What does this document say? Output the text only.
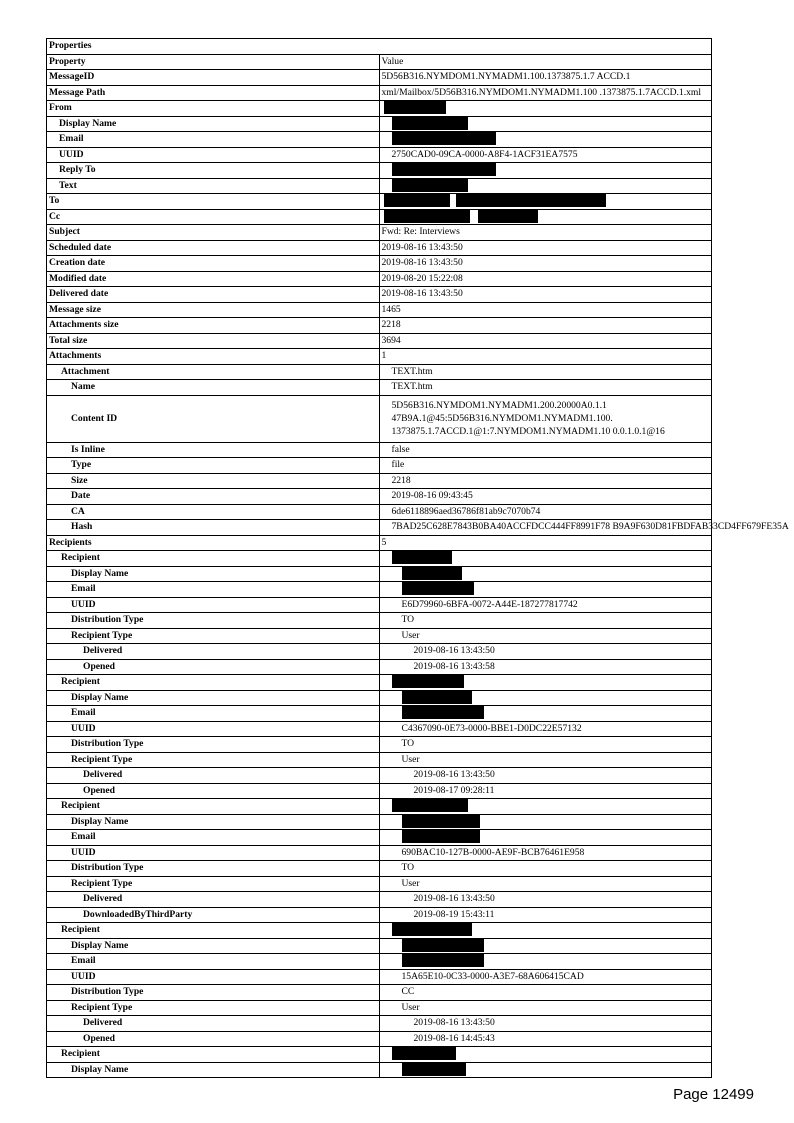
Properties	
Property	Value
MessageID	5D56B316.NYMDOM1.NYMADM1.100.1373875.1.7 ACCD.1
Message Path	xml/Mailbox/5D56B316.NYMDOM1.NYMADM1.100 .1373875.1.7ACCD.1.xml
From	
Display Name	
Email	
UUID	2750CAD0-09CA-0000-A8F4-1ACF31EA7575
Reply To	
Text	
To	
Cc	
Subject	Fwd: Re: Interviews
Scheduled date	2019-08-16 13:43:50
Creation date	2019-08-16 13:43:50
Modified date	2019-08-20 15:22:08
Delivered date	2019-08-16 13:43:50
Message size	1465
Attachments size	2218
Total size	3694
Attachments	1
Attachment	TEXT.htm
Name	TEXT.htm
Content ID	5D56B316.NYMDOM1.NYMADM1.200.20000A0.1.1 47B9A.1@45:5D56B316.NYMDOM1.NYMADM1.100. 1373875.1.7ACCD.1@1:7.NYMDOM1.NYMADM1.10 0.0.1.0.1@16

Is Inline	false
Type	file
Size	2218
Date	2019-08-16 09:43:45
CA	6de6118896aed36786f81ab9c7070b74
Hash	7BAD25C628E7843B0BA40ACCFDCC444FF8991F78 B9A9F630D81FBDFAB33CD4FF679FE35A
Recipients	5
Recipient	
Display Name	
Email	
UUID	E6D79960-6BFA-0072-A44E-187277817742
Distribution Type	TO
Recipient Type	User
Delivered	2019-08-16 13:43:50
Opened	2019-08-16 13:43:58
Recipient	
Display Name	
Email	
UUID	C4367090-0E73-0000-BBE1-D0DC22E57132
Distribution Type	TO
Recipient Type	User
Delivered	2019-08-16 13:43:50
Opened	2019-08-17 09:28:11
Recipient	
Display Name	
Email	
UUID	690BAC10-127B-0000-AE9F-BCB76461E958
Distribution Type	TO
Recipient Type	User
Delivered	2019-08-16 13:43:50
DownloadedByThirdParty	2019-08-19 15:43:11
Recipient	
Display Name	
Email	
UUID	15A65E10-0C33-0000-A3E7-68A606415CAD
Distribution Type	CC
Recipient Type	User
Delivered	2019-08-16 13:43:50
Opened	2019-08-16 14:45:43
Recipient	
Display Name	
Page 12499
